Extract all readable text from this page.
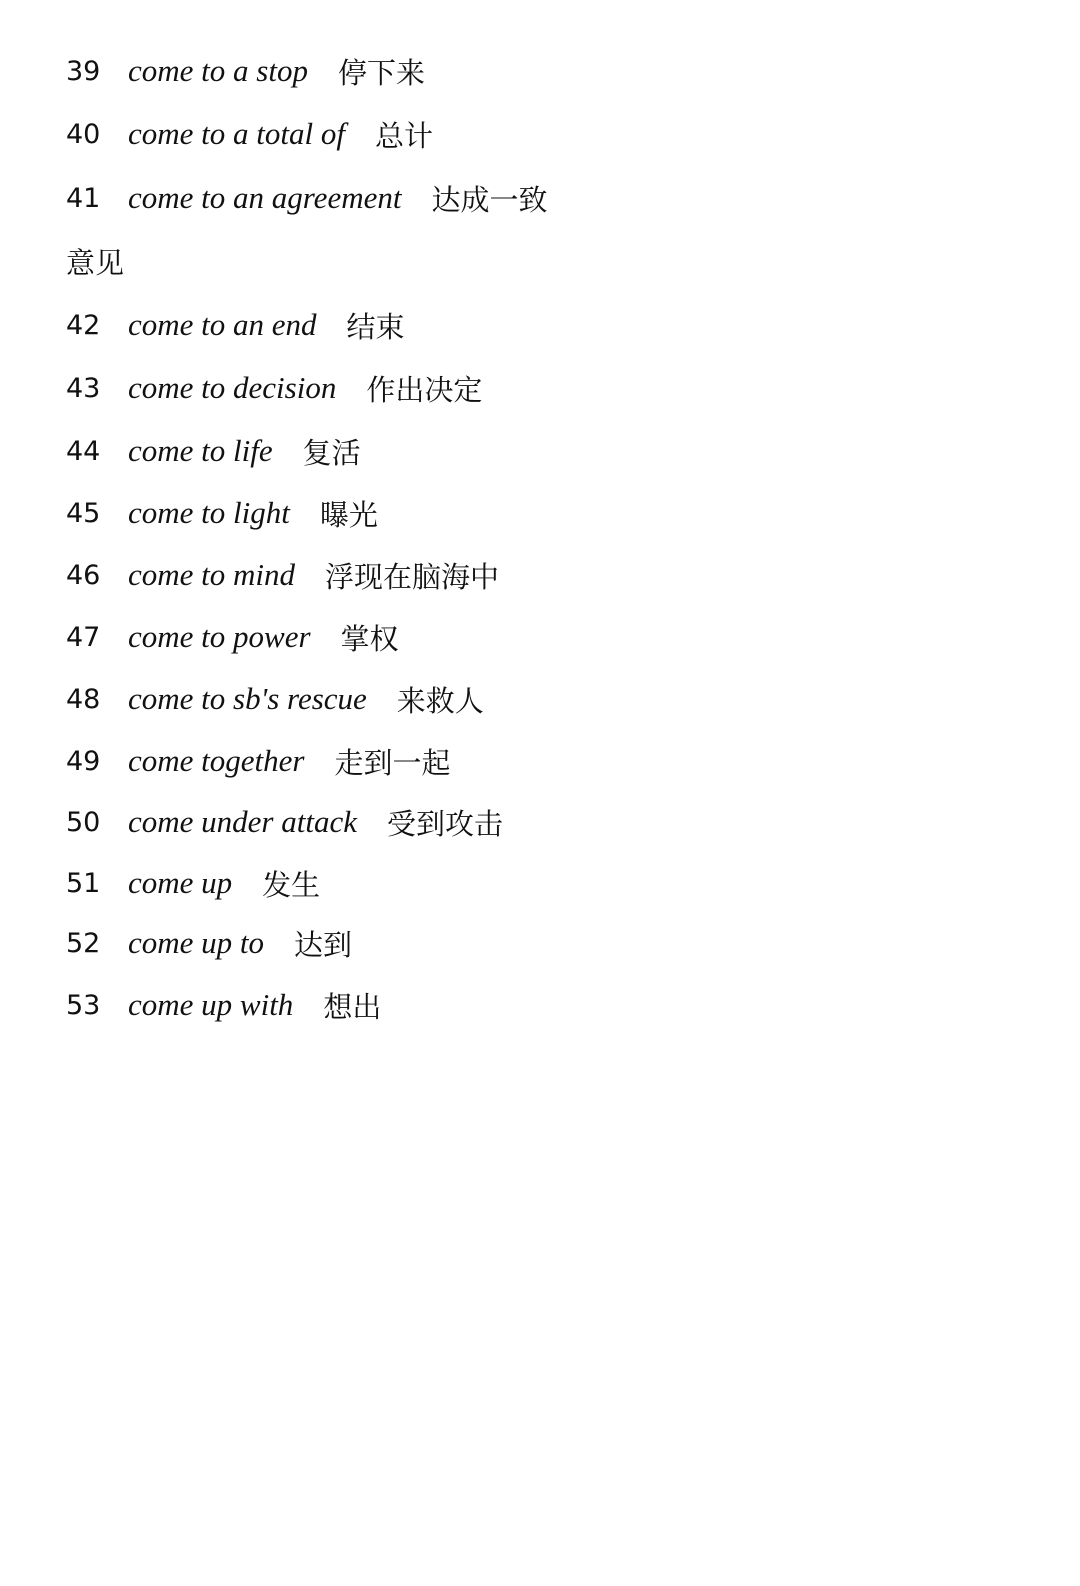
39 come to a stop 停下来
40 come to a total of 总计
41 come to an agreement 达成一致
意见
42 come to an end 结束
43 come to decision 作出决定
44 come to life 复活
45 come to light 曝光
46 come to mind 浮现在脑海中
47 come to power 掌权
48 come to sb's rescue 来救人
49 come together 走到一起
50 come under attack 受到攻击
51 come up 发生
52 come up to 达到
53 come up with 想出
